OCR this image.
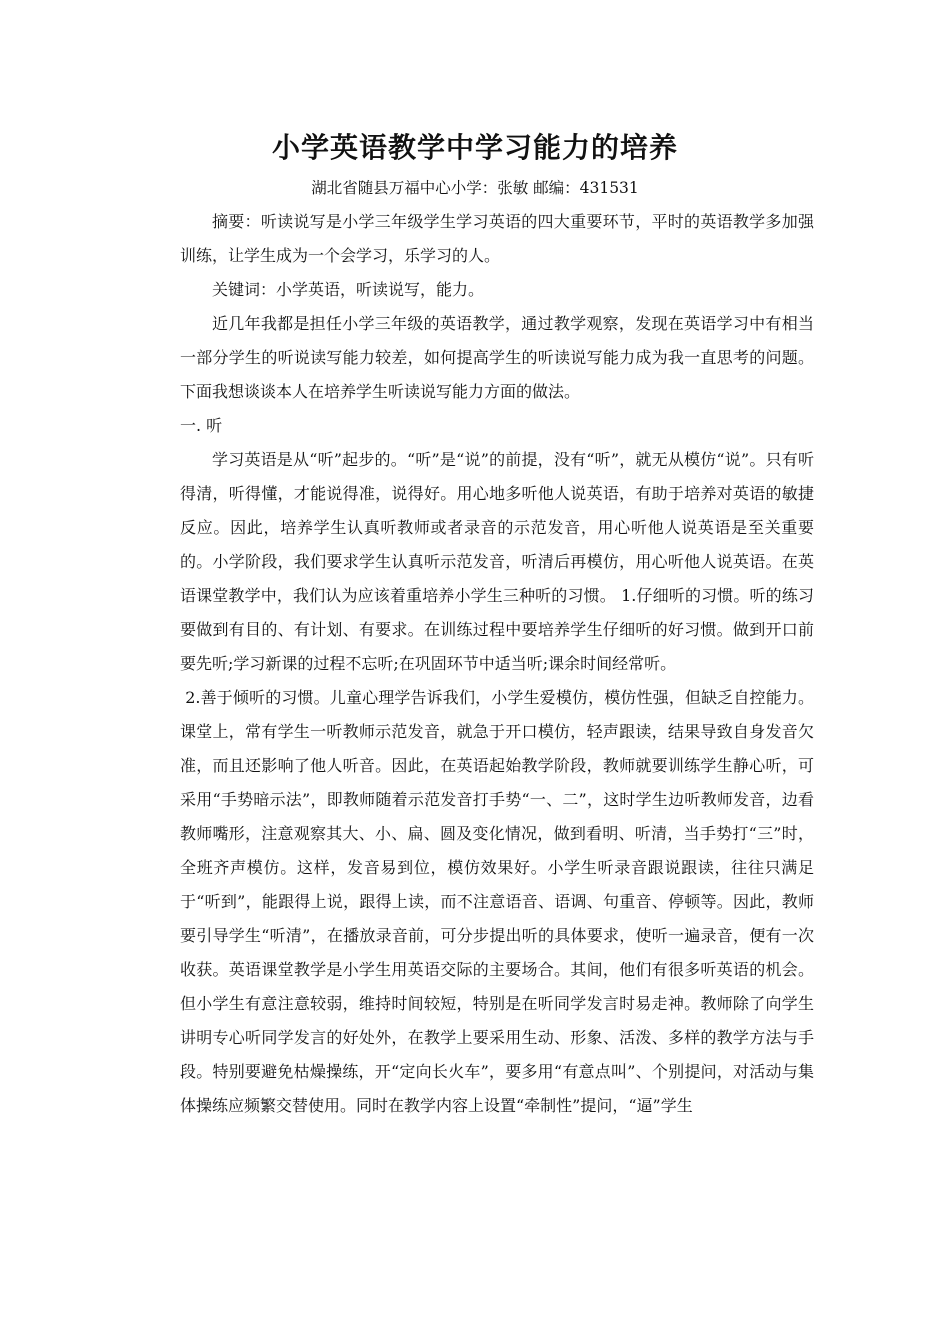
小学英语教学中学习能力的培养
湖北省随县万福中心小学：张敏 邮编：431531

摘要：听读说写是小学三年级学生学习英语的四大重要环节，平时的英语教学多加强训练，让学生成为一个会学习，乐学习的人。

关键词：小学英语，听读说写，能力。

近几年我都是担任小学三年级的英语教学，通过教学观察，发现在英语学习中有相当一部分学生的听说读写能力较差，如何提高学生的听读说写能力成为我一直思考的问题。下面我想谈谈本人在培养学生听读说写能力方面的做法。

一. 听

学习英语是从“听”起步的。“听”是“说”的前提，没有“听”，就无从模仿“说”。只有听得清，听得懂，才能说得准，说得好。用心地多听他人说英语，有助于培养对英语的敏捷反应。因此，培养学生认真听教师或者录音的示范发音，用心听他人说英语是至关重要的。小学阶段，我们要求学生认真听示范发音，听清后再模仿，用心听他人说英语。在英语课堂教学中，我们认为应该着重培养小学生三种听的习惯。 1.仔细听的习惯。听的练习要做到有目的、有计划、有要求。在训练过程中要培养学生仔细听的好习惯。做到开口前要先听;学习新课的过程不忘听;在巩固环节中适当听;课余时间经常听。

2.善于倾听的习惯。儿童心理学告诉我们，小学生爱模仿，模仿性强，但缺乏自控能力。课堂上，常有学生一听教师示范发音，就急于开口模仿，轻声跟读，结果导致自身发音欠准，而且还影响了他人听音。因此，在英语起始教学阶段，教师就要训练学生静心听，可采用“手势暗示法”，即教师随着示范发音打手势“一、二”，这时学生边听教师发音，边看教师嘴形，注意观察其大、小、扁、圆及变化情况，做到看明、听清，当手势打“三”时，全班齐声模仿。这样，发音易到位，模仿效果好。小学生听录音跟说跟读，往往只满足于“听到”，能跟得上说，跟得上读，而不注意语音、语调、句重音、停顿等。因此，教师要引导学生“听清”，在播放录音前，可分步提出听的具体要求，使听一遍录音，便有一次收获。英语课堂教学是小学生用英语交际的主要场合。其间，他们有很多听英语的机会。但小学生有意注意较弱，维持时间较短，特别是在听同学发言时易走神。教师除了向学生讲明专心听同学发言的好处外，在教学上要采用生动、形象、活泼、多样的教学方法与手段。特别要避免枯燥操练，开“定向长火车”，要多用“有意点叫”、个别提问，对活动与集体操练应频繁交替使用。同时在教学内容上设置“牵制性”提问，“逼”学生
